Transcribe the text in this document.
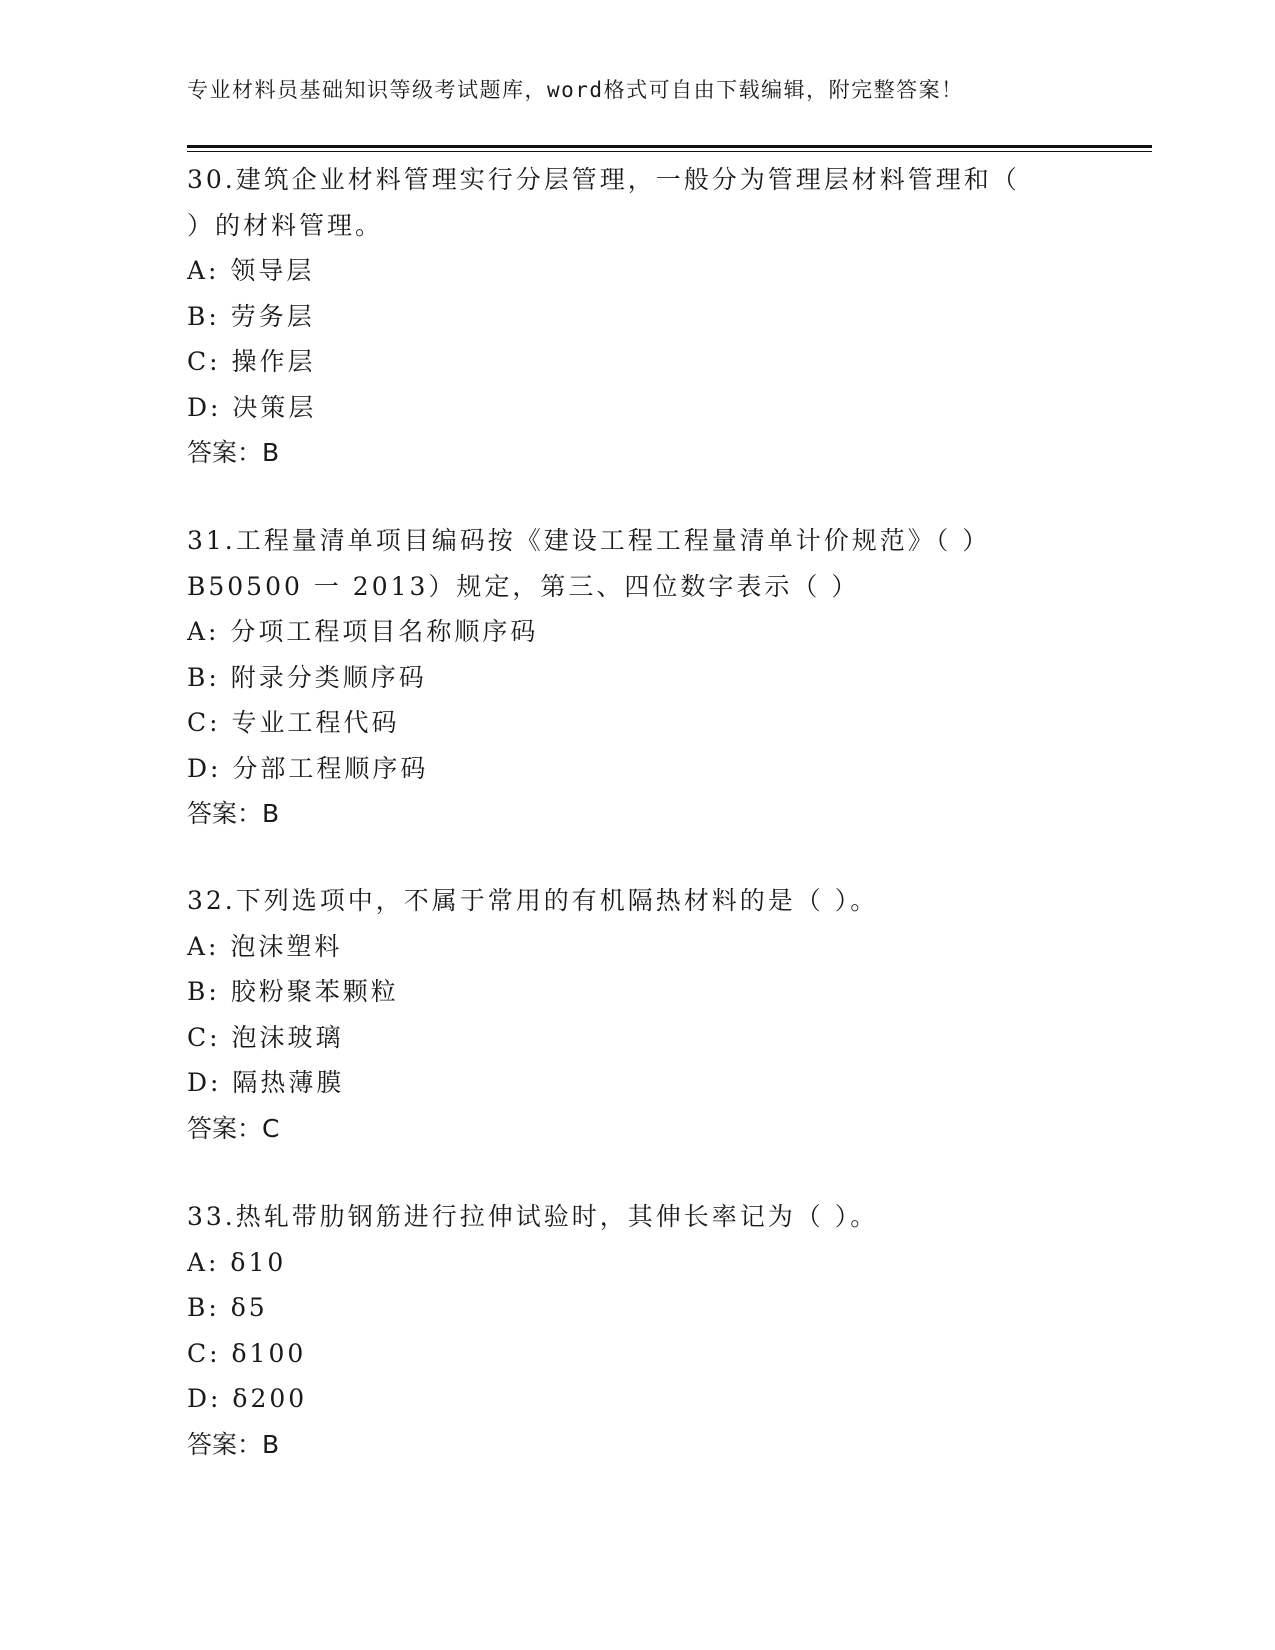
专业材料员基础知识等级考试题库，word格式可自由下载编辑，附完整答案！
30.建筑企业材料管理实行分层管理，一般分为管理层材料管理和（
）的材料管理。
A: 领导层
B: 劳务层
C: 操作层
D: 决策层
答案：B
31.工程量清单项目编码按《建设工程工程量清单计价规范》（ ）
B50500 一 2013）规定，第三、四位数字表示（ ）
A: 分项工程项目名称顺序码
B: 附录分类顺序码
C: 专业工程代码
D: 分部工程顺序码
答案：B
32.下列选项中，不属于常用的有机隔热材料的是（ ）。
A: 泡沫塑料
B: 胶粉聚苯颗粒
C: 泡沫玻璃
D: 隔热薄膜
答案：C
33.热轧带肋钢筋进行拉伸试验时，其伸长率记为（ ）。
A: δ10
B: δ5
C: δ100
D: δ200
答案：B
